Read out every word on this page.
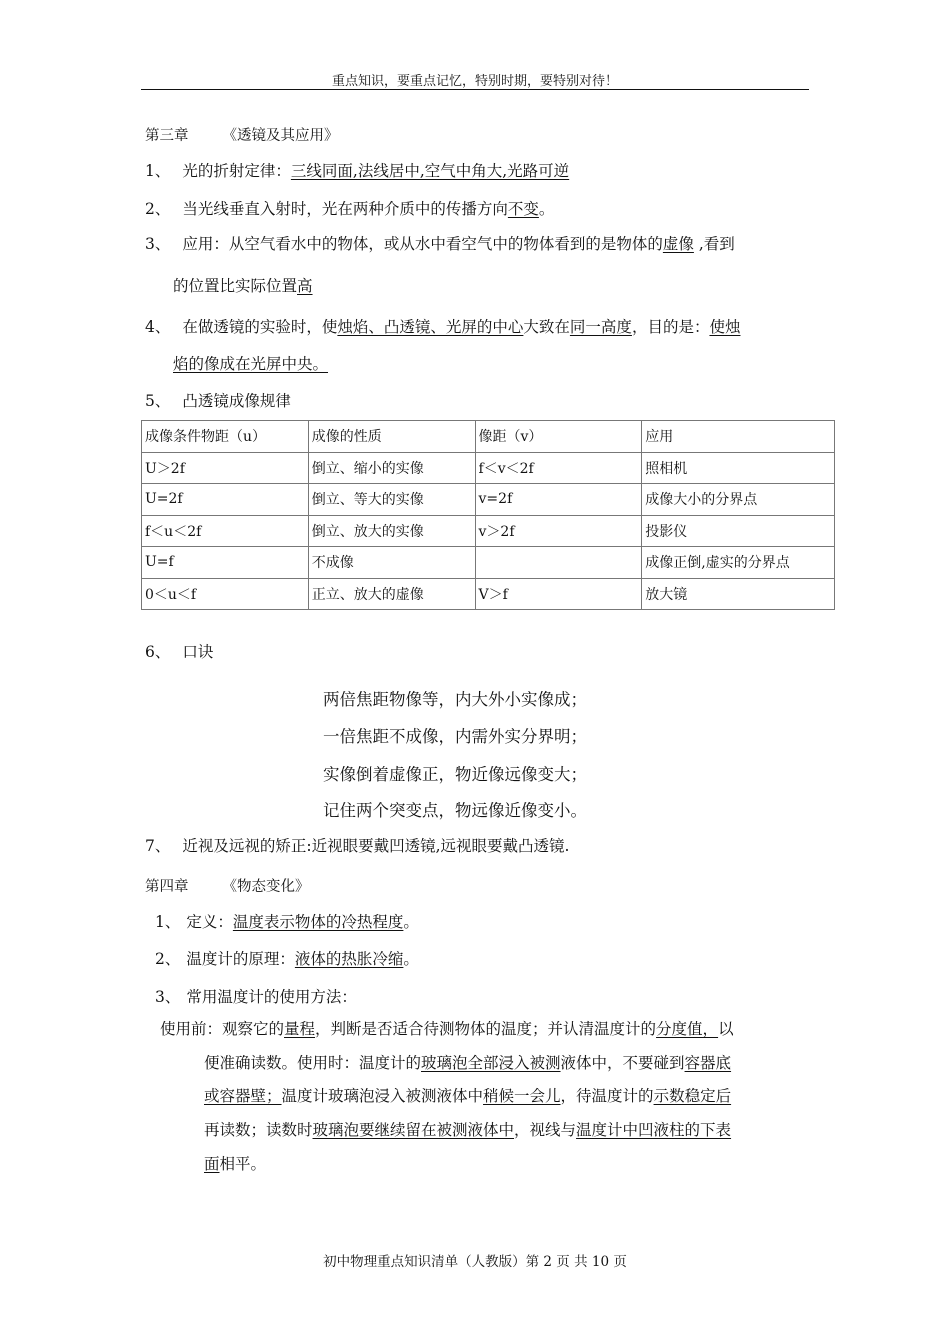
重点知识，要重点记忆，特别时期，要特别对待！
第三章 《透镜及其应用》
1、 光的折射定律：三线同面,法线居中,空气中角大,光路可逆
2、 当光线垂直入射时，光在两种介质中的传播方向不变。
3、 应用：从空气看水中的物体，或从水中看空气中的物体看到的是物体的虚像 ,看到
的位置比实际位置高
4、 在做透镜的实验时，使烛焰、凸透镜、光屏的中心大致在同一高度，目的是：使烛
焰的像成在光屏中央。
5、 凸透镜成像规律
成像条件物距（u）	成像的性质	像距（v）	应用
U＞2f	倒立、缩小的实像	f＜v＜2f	照相机
U=2f	倒立、等大的实像	v=2f	成像大小的分界点
f＜u＜2f	倒立、放大的实像	v＞2f	投影仪
U=f	不成像		成像正倒,虚实的分界点
0＜u＜f	正立、放大的虚像	V＞f	放大镜
6、 口诀
两倍焦距物像等，内大外小实像成；
一倍焦距不成像，内需外实分界明；
实像倒着虚像正，物近像远像变大；
记住两个突变点，物远像近像变小。
7、 近视及远视的矫正:近视眼要戴凹透镜,远视眼要戴凸透镜.
第四章 《物态变化》
1、 定义：温度表示物体的冷热程度。
2、 温度计的原理：液体的热胀冷缩。
3、 常用温度计的使用方法：
使用前：观察它的量程，判断是否适合待测物体的温度；并认清温度计的分度值，以
便准确读数。使用时：温度计的玻璃泡全部浸入被测液体中，不要碰到容器底
或容器壁；温度计玻璃泡浸入被测液体中稍候一会儿，待温度计的示数稳定后
再读数；读数时玻璃泡要继续留在被测液体中，视线与温度计中凹液柱的下表
面相平。
初中物理重点知识清单（人教版）第 2 页 共 10 页
